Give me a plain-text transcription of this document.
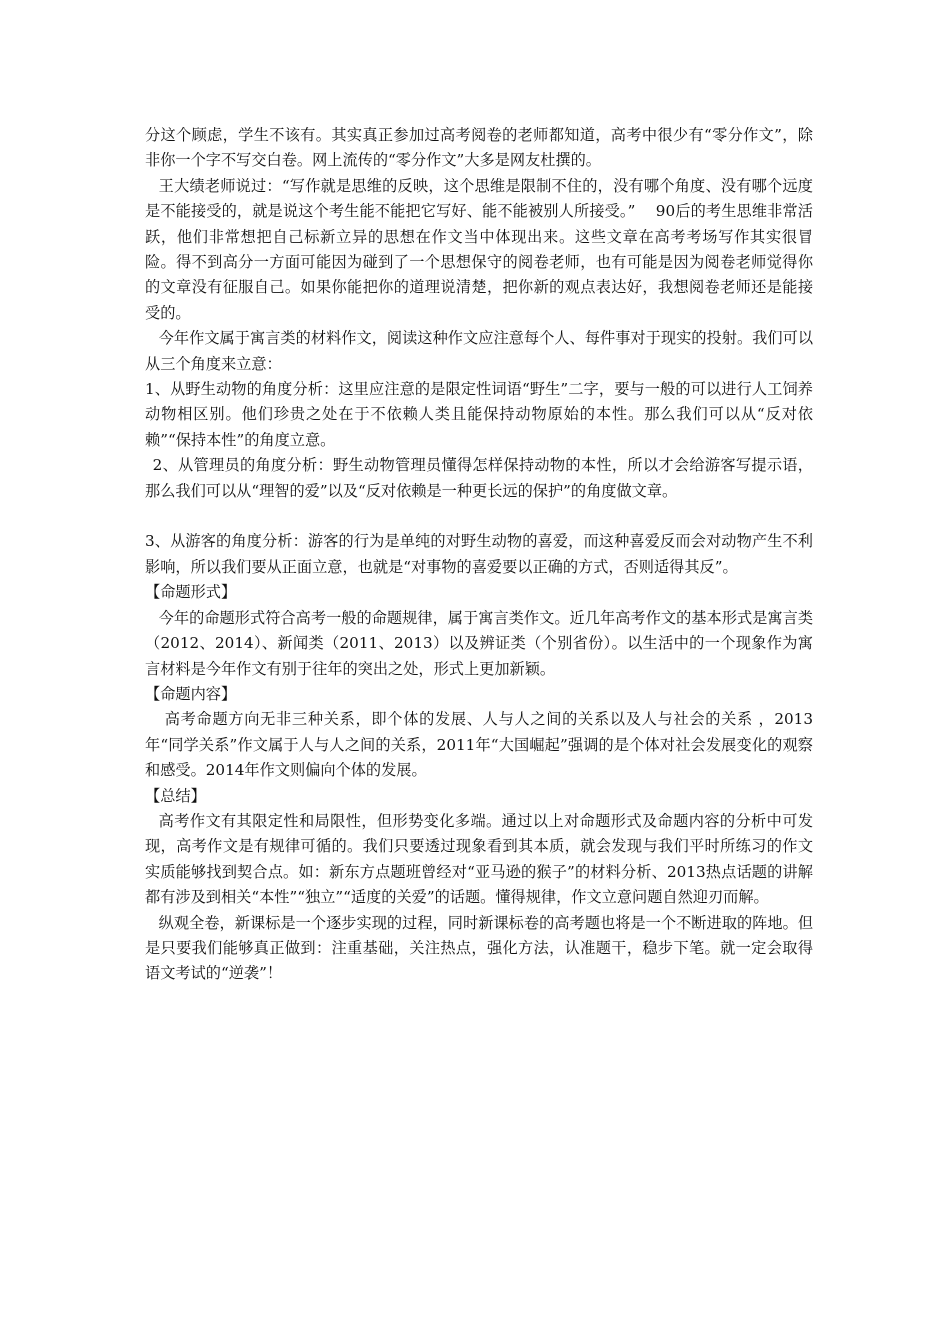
分这个顾虑，学生不该有。其实真正参加过高考阅卷的老师都知道，高考中很少有“零分作文”，除非你一个字不写交白卷。网上流传的“零分作文”大多是网友杜撰的。

王大绩老师说过：“写作就是思维的反映，这个思维是限制不住的，没有哪个角度、没有哪个远度是不能接受的，就是说这个考生能不能把它写好、能不能被别人所接受。”　 90后的考生思维非常活跃，他们非常想把自己标新立异的思想在作文当中体现出来。这些文章在高考考场写作其实很冒险。得不到高分一方面可能因为碰到了一个思想保守的阅卷老师，也有可能是因为阅卷老师觉得你的文章没有征服自己。如果你能把你的道理说清楚，把你新的观点表达好，我想阅卷老师还是能接受的。

今年作文属于寓言类的材料作文，阅读这种作文应注意每个人、每件事对于现实的投射。我们可以从三个角度来立意：

1、从野生动物的角度分析：这里应注意的是限定性词语“野生”二字，要与一般的可以进行人工饲养动物相区别。他们珍贵之处在于不依赖人类且能保持动物原始的本性。那么我们可以从“反对依赖”“保持本性”的角度立意。

2、从管理员的角度分析：野生动物管理员懂得怎样保持动物的本性，所以才会给游客写提示语，那么我们可以从“理智的爱”以及“反对依赖是一种更长远的保护”的角度做文章。

3、从游客的角度分析：游客的行为是单纯的对野生动物的喜爱，而这种喜爱反而会对动物产生不利影响，所以我们要从正面立意，也就是“对事物的喜爱要以正确的方式，否则适得其反”。

【命题形式】

今年的命题形式符合高考一般的命题规律，属于寓言类作文。近几年高考作文的基本形式是寓言类（2012、2014）、新闻类（2011、2013）以及辨证类（个别省份）。以生活中的一个现象作为寓言材料是今年作文有别于往年的突出之处，形式上更加新颖。

【命题内容】

高考命题方向无非三种关系，即个体的发展、人与人之间的关系以及人与社会的关系 ，2013年“同学关系”作文属于人与人之间的关系，2011年“大国崛起”强调的是个体对社会发展变化的观察和感受。2014年作文则偏向个体的发展。

【总结】

高考作文有其限定性和局限性，但形势变化多端。通过以上对命题形式及命题内容的分析中可发现，高考作文是有规律可循的。我们只要透过现象看到其本质，就会发现与我们平时所练习的作文实质能够找到契合点。如：新东方点题班曾经对“亚马逊的猴子”的材料分析、2013热点话题的讲解都有涉及到相关“本性”“独立”“适度的关爱”的话题。懂得规律，作文立意问题自然迎刃而解。

纵观全卷，新课标是一个逐步实现的过程，同时新课标卷的高考题也将是一个不断进取的阵地。但是只要我们能够真正做到：注重基础，关注热点，强化方法，认准题干，稳步下笔。就一定会取得语文考试的“逆袭”！
